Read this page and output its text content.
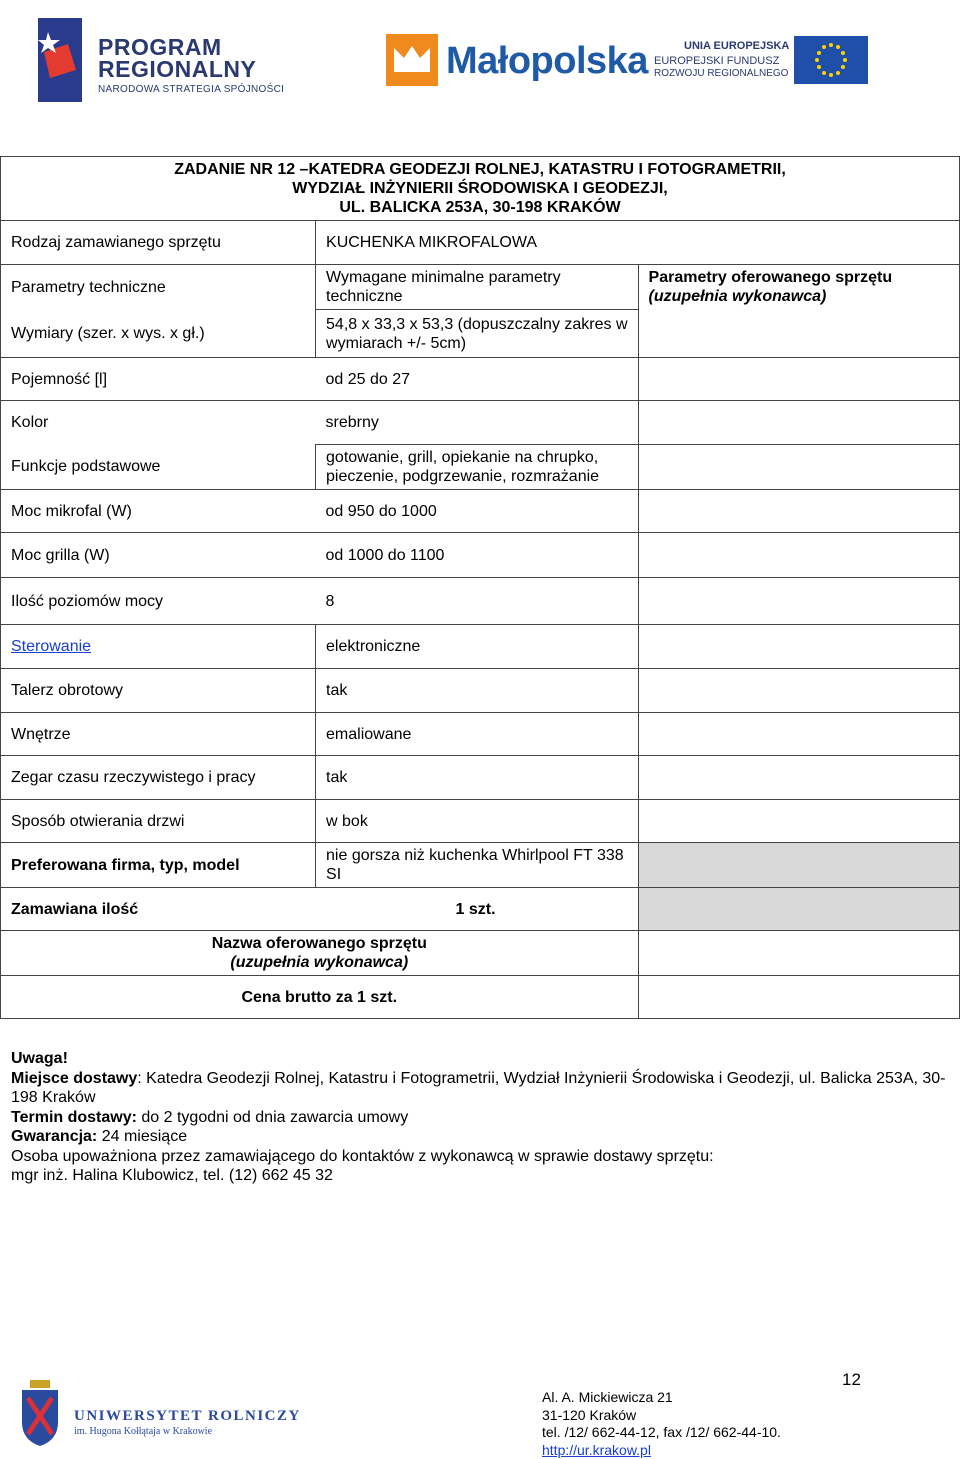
PROGRAM
REGIONALNY
NARODOWA STRATEGIA SPÓJNOŚCI
Małopolska	UNIA EUROPEJSKA
EUROPEJSKI FUNDUSZ
ROZWOJU REGIONALNEGO
ZADANIE NR 12 –KATEDRA GEODEZJI ROLNEJ, KATASTRU I FOTOGRAMETRII,
WYDZIAŁ INŻYNIERII ŚRODOWISKA I GEODEZJI,
UL. BALICKA 253A, 30-198 KRAKÓW		

Rodzaj zamawianego sprzętu	KUCHENKA MIKROFALOWA	
Parametry techniczne	Wymagane minimalne parametry techniczne	Parametry oferowanego sprzętu
(uzupełnia wykonawca)

Wymiary (szer. x wys. x gł.)	54,8 x 33,3 x 53,3 (dopuszczalny zakres w wymiarach +/- 5cm)	
Pojemność [l]	od 25 do 27	
Kolor	srebrny	
Funkcje podstawowe	gotowanie, grill, opiekanie na chrupko, pieczenie, podgrzewanie, rozmrażanie	
Moc mikrofal (W)	od 950 do 1000	
Moc grilla (W)	od 1000 do 1100	
Ilość poziomów mocy	8	
Sterowanie	elektroniczne	
Talerz obrotowy	tak	
Wnętrze	emaliowane	
Zegar czasu rzeczywistego i pracy	tak	
Sposób otwierania drzwi	w bok	
Preferowana firma, typ, model	nie gorsza niż kuchenka Whirlpool FT 338 SI	
Zamawiana ilość	1 szt.	

Nazwa oferowanego sprzętu
(uzupełnia wykonawca)		

Cena brutto za 1 szt.		

Uwaga!

Miejsce dostawy: Katedra Geodezji Rolnej, Katastru i Fotogrametrii, Wydział Inżynierii Środowiska i Geodezji, ul. Balicka 253A, 30-198 Kraków

Termin dostawy: do 2 tygodni od dnia zawarcia umowy

Gwarancja: 24 miesiące

Osoba upoważniona przez zamawiającego do kontaktów z wykonawcą w sprawie dostawy sprzętu:

mgr inż. Halina Klubowicz, tel. (12) 662 45 32

12
UNIWERSYTET ROLNICZY
im. Hugona Kołłątaja w Krakowie
Al. A. Mickiewicza 21
31-120 Kraków
tel. /12/ 662-44-12, fax /12/ 662-44-10.
http://ur.krakow.pl
